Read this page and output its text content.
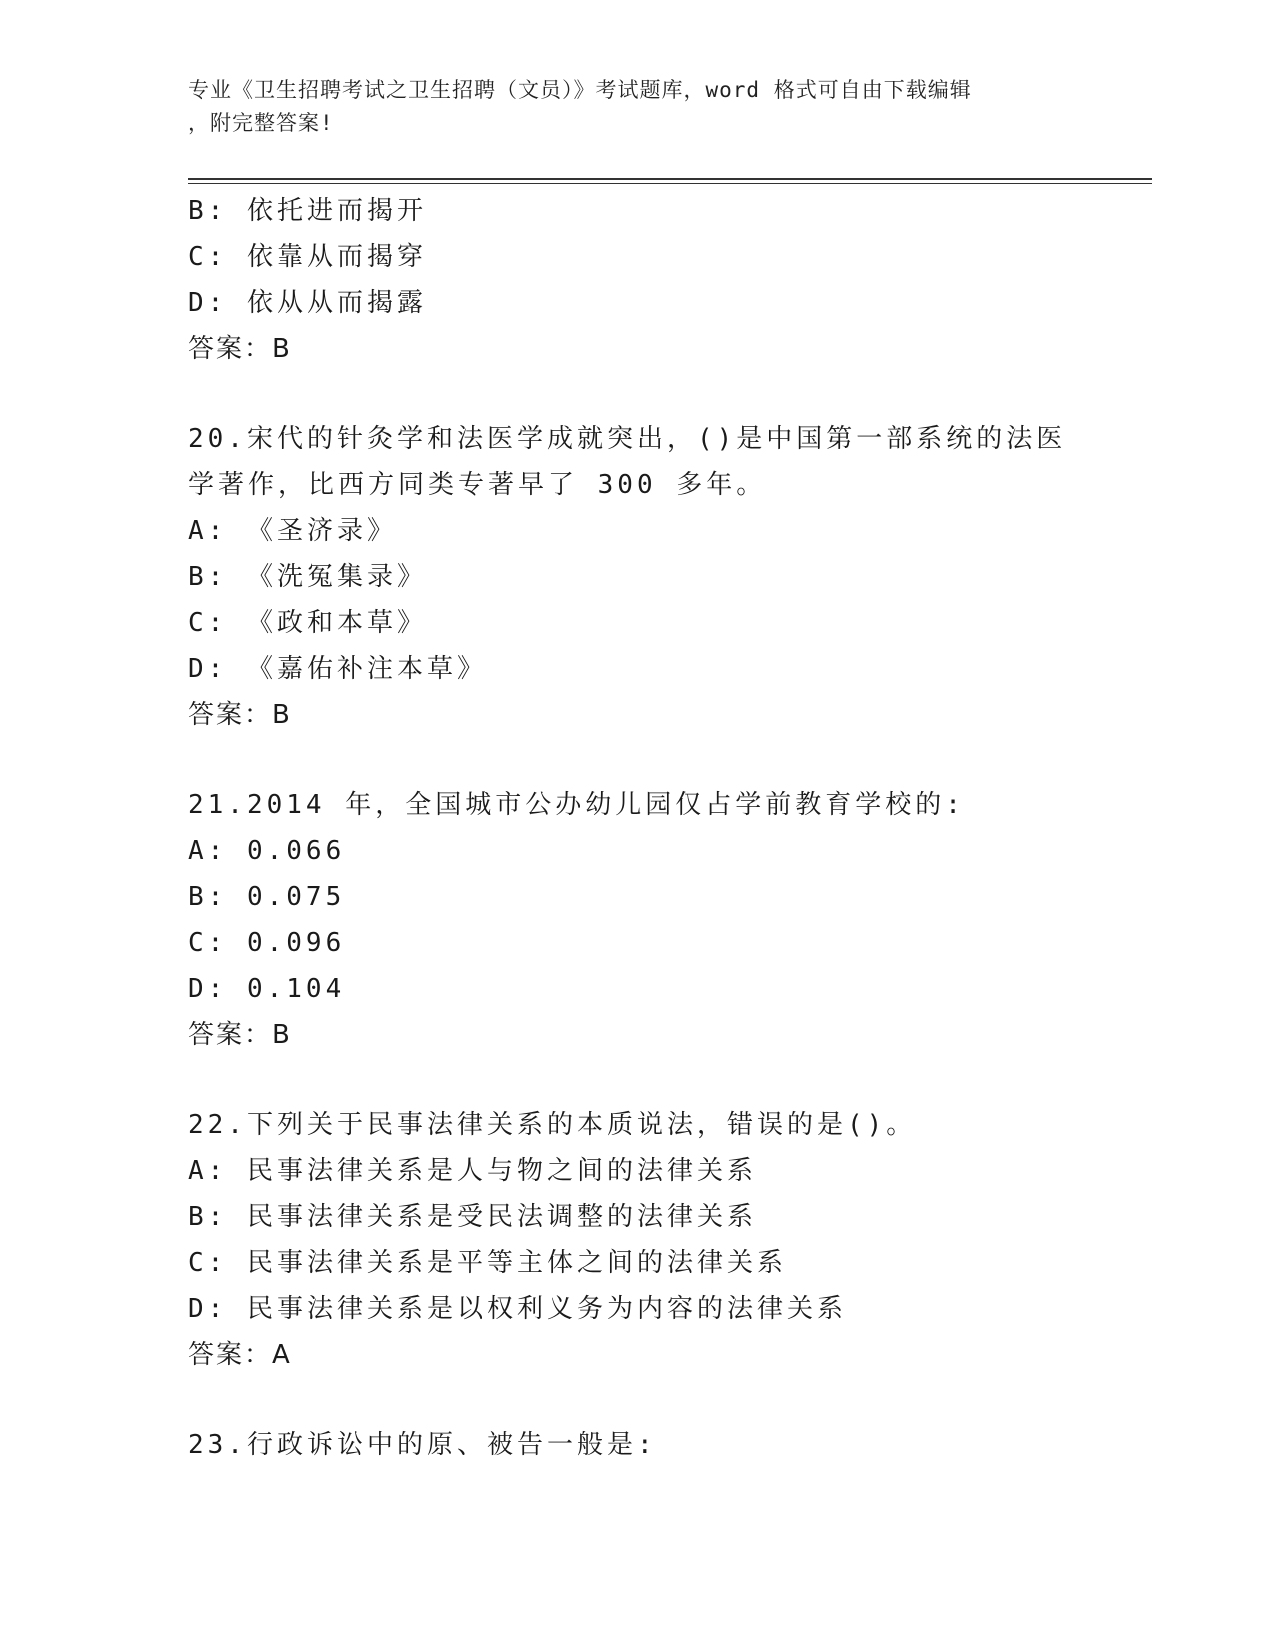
专业《卫生招聘考试之卫生招聘（文员）》考试题库，word 格式可自由下载编辑
，附完整答案!
B: 依托进而揭开
C: 依靠从而揭穿
D: 依从从而揭露
答案：B
20.宋代的针灸学和法医学成就突出，()是中国第一部系统的法医学著作，比西方同类专著早了 300 多年。
A: 《圣济录》
B: 《洗冤集录》
C: 《政和本草》
D: 《嘉佑补注本草》
答案：B
21.2014 年，全国城市公办幼儿园仅占学前教育学校的:
A: 0.066
B: 0.075
C: 0.096
D: 0.104
答案：B
22.下列关于民事法律关系的本质说法，错误的是()。
A: 民事法律关系是人与物之间的法律关系
B: 民事法律关系是受民法调整的法律关系
C: 民事法律关系是平等主体之间的法律关系
D: 民事法律关系是以权利义务为内容的法律关系
答案：A
23.行政诉讼中的原、被告一般是:
